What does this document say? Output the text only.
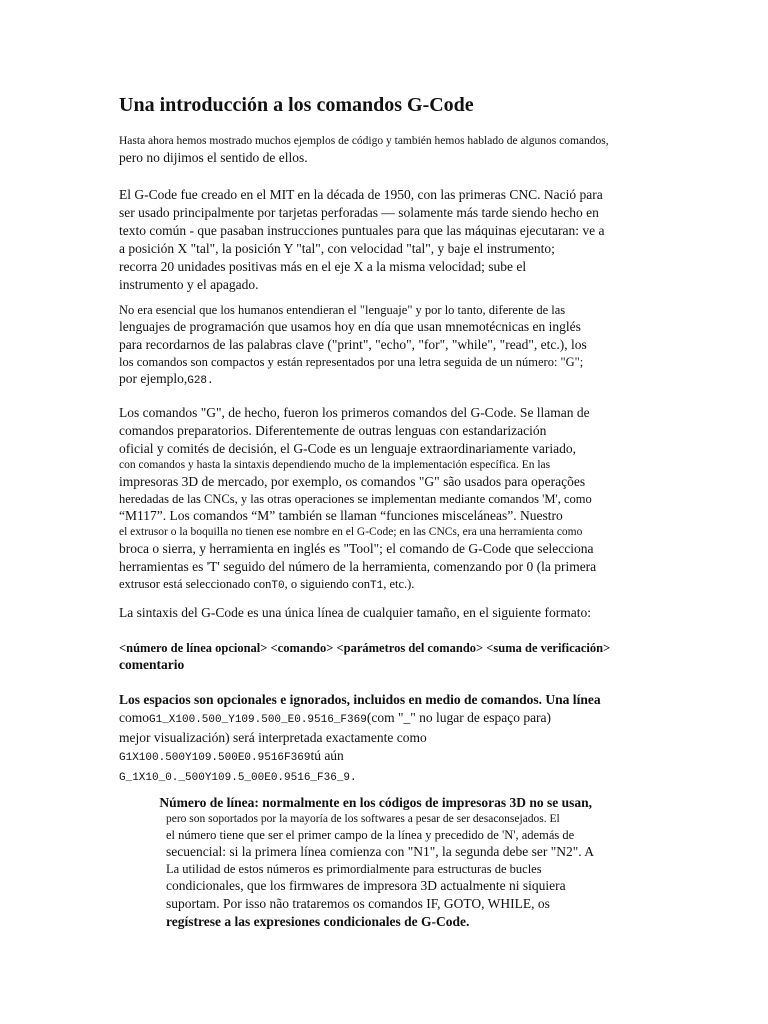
Una introducción a los comandos G-Code
Hasta ahora hemos mostrado muchos ejemplos de código y también hemos hablado de algunos comandos,
pero no dijimos el sentido de ellos.
El G-Code fue creado en el MIT en la década de 1950, con las primeras CNC. Nació para
ser usado principalmente por tarjetas perforadas — solamente más tarde siendo hecho en
texto común - que pasaban instrucciones puntuales para que las máquinas ejecutaran: ve a
a posición X "tal", la posición Y "tal", con velocidad "tal", y baje el instrumento;
recorra 20 unidades positivas más en el eje X a la misma velocidad; sube el
instrumento y el apagado.
No era esencial que los humanos entendieran el "lenguaje" y por lo tanto, diferente de las
lenguajes de programación que usamos hoy en día que usan mnemotécnicas en inglés
para recordarnos de las palabras clave ("print", "echo", "for", "while", "read", etc.), los
los comandos son compactos y están representados por una letra seguida de un número: "G";
por ejemplo,G28.
Los comandos "G", de hecho, fueron los primeros comandos del G-Code. Se llaman de
comandos preparatorios. Diferentemente de outras lenguas con estandarización
oficial y comités de decisión, el G-Code es un lenguaje extraordinariamente variado,
con comandos y hasta la sintaxis dependiendo mucho de la implementación específica. En las
impresoras 3D de mercado, por exemplo, os comandos "G" são usados para operações
heredadas de las CNCs, y las otras operaciones se implementan mediante comandos 'M', como
“M117”. Los comandos “M” también se llaman “funciones misceláneas”. Nuestro
el extrusor o la boquilla no tienen ese nombre en el G-Code; en las CNCs, era una herramienta como
broca o sierra, y herramienta en inglés es "Tool"; el comando de G-Code que selecciona
herramientas es 'T' seguido del número de la herramienta, comenzando por 0 (la primera
extrusor está seleccionado conT0, o siguiendo conT1, etc.).
La sintaxis del G-Code es una única línea de cualquier tamaño, en el siguiente formato:
<número de línea opcional> <comando> <parámetros del comando> <suma de verificación>
comentario
Los espacios son opcionales e ignorados, incluidos en medio de comandos. Una línea
comoG1_X100.500_Y109.500_E0.9516_F369(com "_" no lugar de espaço para)
mejor visualización) será interpretada exactamente como
G1X100.500Y109.500E0.9516F369tú aún
G_1X10_0._500Y109.5_00E0.9516_F36_9.
Número de línea: normalmente en los códigos de impresoras 3D no se usan,
pero son soportados por la mayoría de los softwares a pesar de ser desaconsejados. El
el número tiene que ser el primer campo de la línea y precedido de 'N', además de
secuencial: si la primera línea comienza con "N1", la segunda debe ser "N2". A
La utilidad de estos números es primordialmente para estructuras de bucles
condicionales, que los firmwares de impresora 3D actualmente ni siquiera
suportam. Por isso não trataremos os comandos IF, GOTO, WHILE, os
regístrese a las expresiones condicionales de G-Code.
